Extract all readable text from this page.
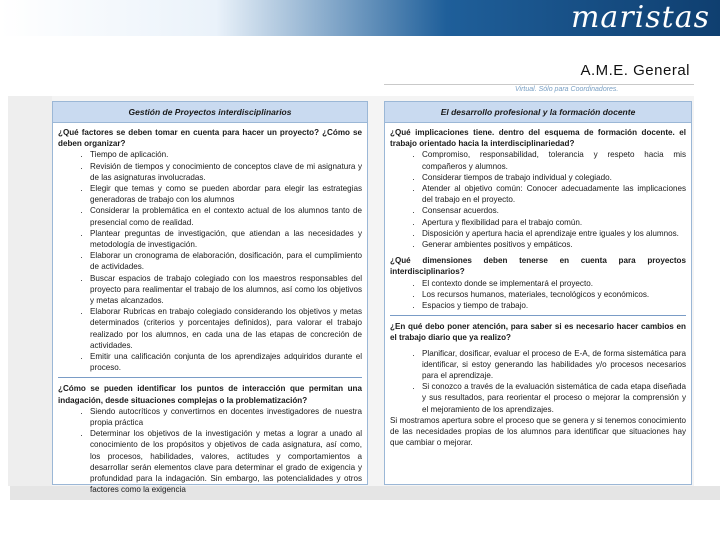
maristas
A.M.E. General
Virtual. Sólo para Coordinadores.
Gestión de Proyectos interdisciplinarios

¿Qué factores se deben tomar en cuenta para hacer un proyecto? ¿Cómo se deben organizar?

• Tiempo de aplicación.
• Revisión de tiempos y conocimiento de conceptos clave de mi asignatura y de las asignaturas involucradas.
• Elegir que temas y como se pueden abordar para elegir las estrategias generadoras de trabajo con los alumnos
• Considerar la problemática en el contexto actual de los alumnos tanto de presencial como de realidad.
• Plantear preguntas de investigación, que atiendan a las necesidades y metodología de investigación.
• Elaborar un cronograma de elaboración, dosificación, para el cumplimiento de actividades.
• Buscar espacios de trabajo colegiado con los maestros responsables del proyecto para realimentar el trabajo de los alumnos, así como los objetivos y metas alcanzados.
• Elaborar Rubricas en trabajo colegiado considerando los objetivos y metas determinados (criterios y porcentajes definidos), para valorar el trabajo realizado por los alumnos, en cada una de las etapas de concreción de actividades.
• Emitir una calificación conjunta de los aprendizajes adquiridos durante el proceso.

¿Cómo se pueden identificar los puntos de interacción que permitan una indagación, desde situaciones complejas o la problematización?

• Siendo autocríticos y convertirnos en docentes investigadores de nuestra propia práctica
• Determinar los objetivos de la investigación y metas a lograr a unado al conocimiento de los propósitos y objetivos de cada asignatura, así como, los procesos, habilidades, valores, actitudes y comportamientos a desarrollar serán elementos clave para determinar el grado de exigencia y profundidad para la indagación. Sin embargo, las potencialidades y otros factores como la exigencia
El desarrollo profesional y la formación docente

¿Qué implicaciones tiene. dentro del esquema de formación docente. el trabajo orientado hacia la interdisciplinariedad?

• Compromiso, responsabilidad, tolerancia y respeto hacia mis compañeros y alumnos.
• Considerar tiempos de trabajo individual y colegiado.
• Atender al objetivo común: Conocer adecuadamente las implicaciones del trabajo en el proyecto.
• Consensar acuerdos.
• Apertura y flexibilidad para el trabajo común.
• Disposición y apertura hacia el aprendizaje entre iguales y los alumnos.
• Generar ambientes positivos y empáticos.

¿Qué dimensiones deben tenerse en cuenta para proyectos interdisciplinarios?

• El contexto donde se implementará el proyecto.
• Los recursos humanos, materiales, tecnológicos y económicos.
• Espacios y tiempo de trabajo.

¿En qué debo poner atención, para saber si es necesario hacer cambios en el trabajo diario que ya realizo?

• Planificar, dosificar, evaluar el proceso de E-A, de forma sistemática para identificar, si estoy generando las habilidades y/o procesos necesarios para el aprendizaje.
• Si conozco a través de la evaluación sistemática de cada etapa diseñada y sus resultados, para reorientar el proceso o mejorar la comprensión y el mejoramiento de los aprendizajes.

Si mostramos apertura sobre el proceso que se genera y si tenemos conocimiento de las necesidades propias de los alumnos para identificar que situaciones hay que cambiar o mejorar.
